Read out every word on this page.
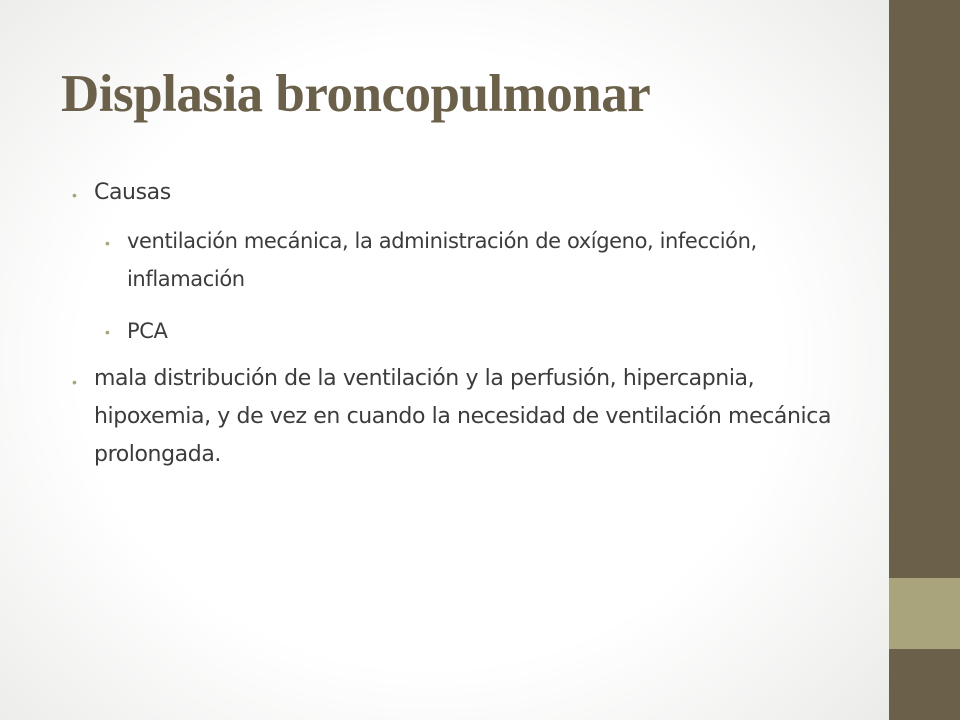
Displasia broncopulmonar
• Causas

• ventilación mecánica, la administración de oxígeno, infección, inflamación

• PCA

• mala distribución de la ventilación y la perfusión, hipercapnia, hipoxemia, y de vez en cuando la necesidad de ventilación mecánica prolongada.
